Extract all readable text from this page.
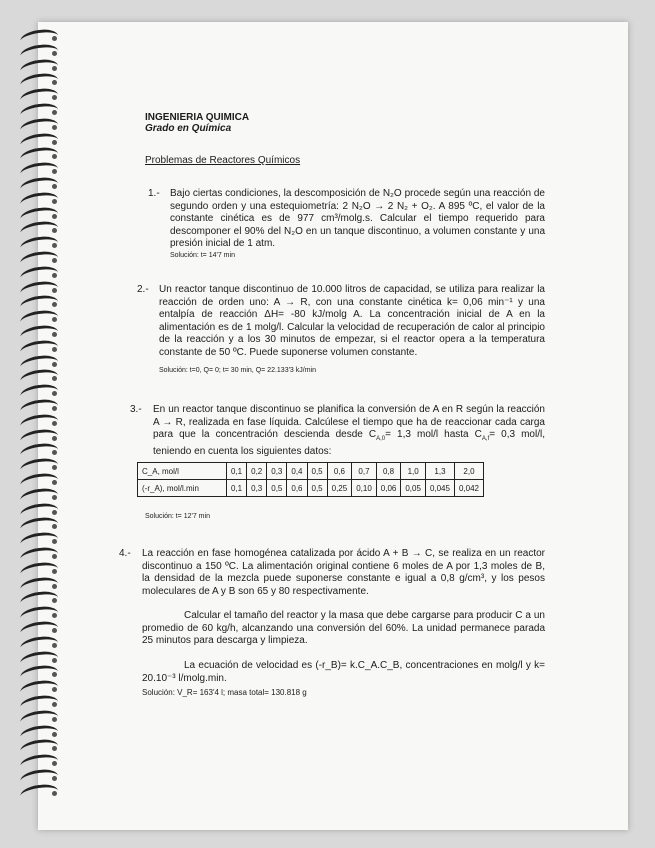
INGENIERIA QUIMICA
Grado en Química
Problemas de Reactores Químicos
1.- Bajo ciertas condiciones, la descomposición de N₂O procede según una reacción de segundo orden y una estequiometría: 2 N₂O → 2 N₂ + O₂. A 895 ºC, el valor de la constante cinética es de 977 cm³/molg.s. Calcular el tiempo requerido para descomponer el 90% del N₂O en un tanque discontinuo, a volumen constante y una presión inicial de 1 atm.
Solución: t= 14'7 min
2.- Un reactor tanque discontinuo de 10.000 litros de capacidad, se utiliza para realizar la reacción de orden uno: A → R, con una constante cinética k= 0,06 min⁻¹ y una entalpía de reacción ΔH= -80 kJ/molg A. La concentración inicial de A en la alimentación es de 1 molg/l. Calcular la velocidad de recuperación de calor al principio de la reacción y a los 30 minutos de empezar, si el reactor opera a la temperatura constante de 50 ºC. Puede suponerse volumen constante.
Solución: t=0, Q= 0; t= 30 min, Q= 22.133'3 kJ/min
3.- En un reactor tanque discontinuo se planifica la conversión de A en R según la reacción A → R, realizada en fase líquida. Calcúlese el tiempo que ha de reaccionar cada carga para que la concentración descienda desde $C_{A,0}= 1,3$ mol/l hasta $C_{A,f}= 0,3$ mol/l, teniendo en cuenta los siguientes datos:
C_A, mol/l	0,1	0,2	0,3	0,4	0,5	0,6	0,7	0,8	1,0	1,3	2,0
(-r_A), mol/l.min	0,1	0,3	0,5	0,6	0,5	0,25	0,10	0,06	0,05	0,045	0,042
Solución: t= 12'7 min
4.- La reacción en fase homogénea catalizada por ácido A + B → C, se realiza en un reactor discontinuo a 150 ºC. La alimentación original contiene 6 moles de A por 1,3 moles de B, la densidad de la mezcla puede suponerse constante e igual a 0,8 g/cm³, y los pesos moleculares de A y B son 65 y 80 respectivamente.
Calcular el tamaño del reactor y la masa que debe cargarse para producir C a un promedio de 60 kg/h, alcanzando una conversión del 60%. La unidad permanece parada 25 minutos para descarga y limpieza.
La ecuación de velocidad es (-r_B)= k.C_A.C_B, concentraciones en molg/l y k= 20.10⁻³ l/molg.min.
Solución: V_R= 163'4 l; masa total= 130.818 g
